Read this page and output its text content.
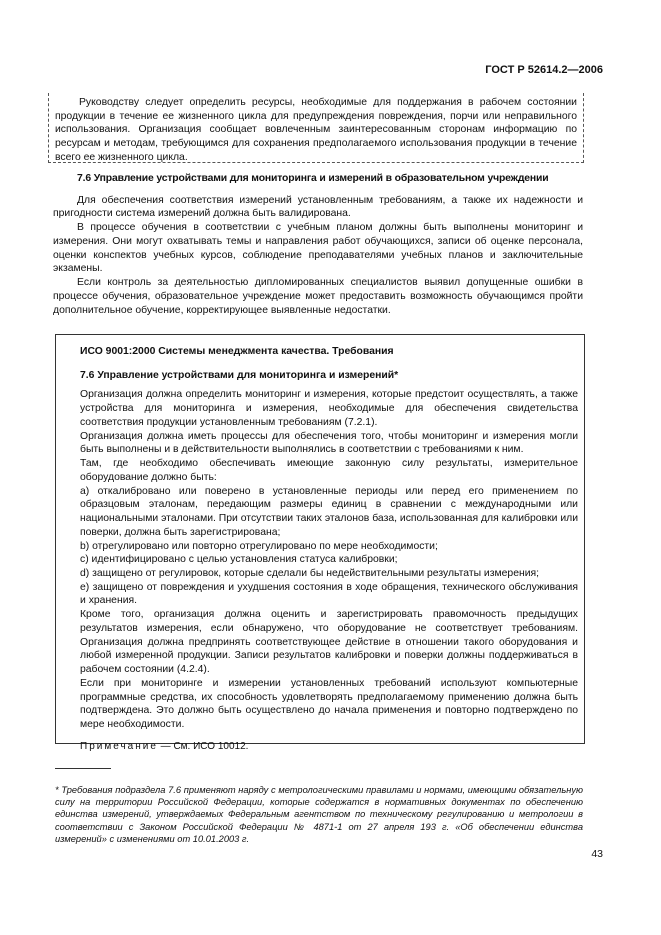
ГОСТ Р 52614.2—2006

Руководству следует определить ресурсы, необходимые для поддержания в рабочем состоянии продукции в течение ее жизненного цикла для предупреждения повреждения, порчи или неправильного использования. Организация сообщает вовлеченным заинтересованным сторонам информацию по ресурсам и методам, требующимся для сохранения предполагаемого использования продукции в течение всего ее жизненного цикла.

7.6 Управление устройствами для мониторинга и измерений в образовательном учреждении

Для обеспечения соответствия измерений установленным требованиям, а также их надежности и пригодности система измерений должна быть валидирована.

В процессе обучения в соответствии с учебным планом должны быть выполнены мониторинг и измерения. Они могут охватывать темы и направления работ обучающихся, записи об оценке персонала, оценки конспектов учебных курсов, соблюдение преподавателями учебных планов и заключительные экзамены.

Если контроль за деятельностью дипломированных специалистов выявил допущенные ошибки в процессе обучения, образовательное учреждение может предоставить возможность обучающимся пройти дополнительное обучение, корректирующее выявленные недостатки.

ИСО 9001:2000 Системы менеджмента качества. Требования

7.6 Управление устройствами для мониторинга и измерений*

Организация должна определить мониторинг и измерения, которые предстоит осуществлять, а также устройства для мониторинга и измерения, необходимые для обеспечения свидетельства соответствия продукции установленным требованиям (7.2.1).

Организация должна иметь процессы для обеспечения того, чтобы мониторинг и измерения могли быть выполнены и в действительности выполнялись в соответствии с требованиями к ним.

Там, где необходимо обеспечивать имеющие законную силу результаты, измерительное оборудование должно быть:

a) откалибровано или поверено в установленные периоды или перед его применением по образцовым эталонам, передающим размеры единиц в сравнении с международными или национальными эталонами. При отсутствии таких эталонов база, использованная для калибровки или поверки, должна быть зарегистрирована;

b) отрегулировано или повторно отрегулировано по мере необходимости;

c) идентифицировано с целью установления статуса калибровки;

d) защищено от регулировок, которые сделали бы недействительными результаты измерения;

e) защищено от повреждения и ухудшения состояния в ходе обращения, технического обслуживания и хранения.

Кроме того, организация должна оценить и зарегистрировать правомочность предыдущих результатов измерения, если обнаружено, что оборудование не соответствует требованиям. Организация должна предпринять соответствующее действие в отношении такого оборудования и любой измеренной продукции. Записи результатов калибровки и поверки должны поддерживаться в рабочем состоянии (4.2.4).

Если при мониторинге и измерении установленных требований используют компьютерные программные средства, их способность удовлетворять предполагаемому применению должна быть подтверждена. Это должно быть осуществлено до начала применения и повторно подтверждено по мере необходимости.

Примечание — См. ИСО 10012.

* Требования подраздела 7.6 применяют наряду с метрологическими правилами и нормами, имеющими обязательную силу на территории Российской Федерации, которые содержатся в нормативных документах по обеспечению единства измерений, утверждаемых Федеральным агентством по техническому регулированию и метрологии в соответствии с Законом Российской Федерации № 4871-1 от 27 апреля 193 г. «Об обеспечении единства измерений» с изменениями от 10.01.2003 г.

43
